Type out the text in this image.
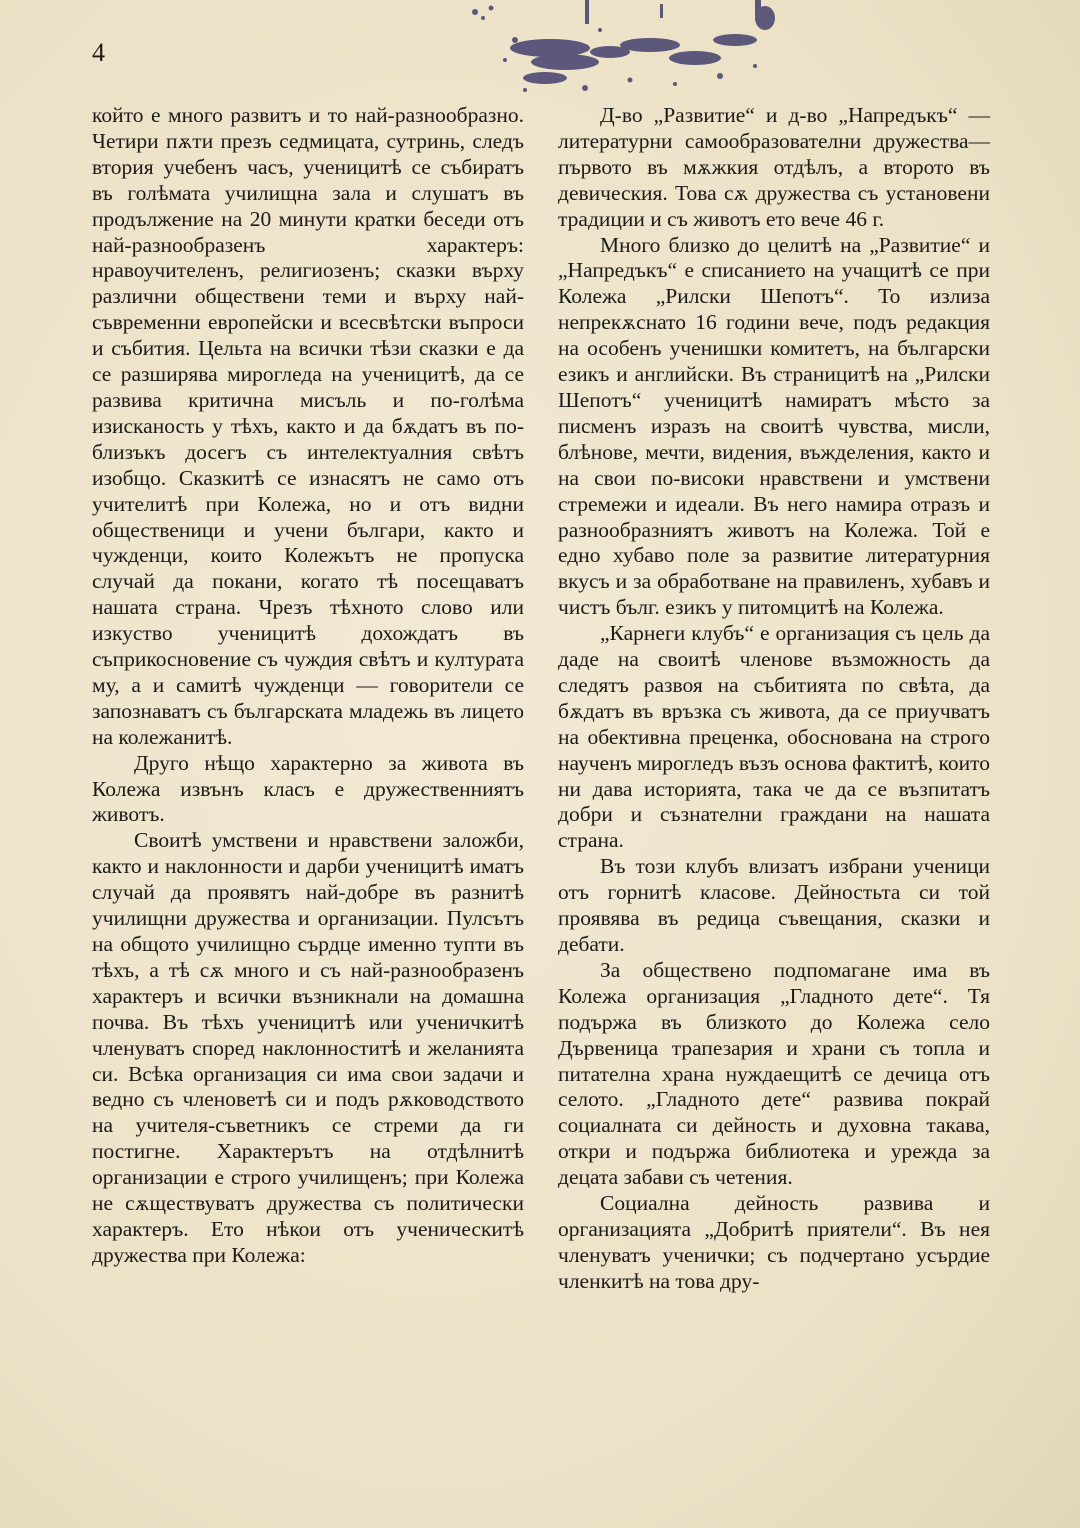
4

който е много развитъ и то най-разнообразно. Четири пѫти презъ седмицата, сутринь, следъ втория учебенъ часъ, ученицитѣ се събиратъ въ голѣмата училищна зала и слушатъ въ продължение на 20 минути кратки беседи отъ най-разнообразенъ характеръ: нравоучителенъ, религиозенъ; сказки върху различни обществени теми и върху най-съвременни европейски и всесвѣтски въпроси и събития. Цельта на всички тѣзи сказки е да се разширява мирогледа на ученицитѣ, да се развива критична мисъль и по-голѣма изисканость у тѣхъ, както и да бѫдатъ въ по-близъкъ досегъ съ интелектуалния свѣтъ изобщо. Сказкитѣ се изнасятъ не само отъ учителитѣ при Колежа, но и отъ видни общественици и учени българи, както и чужденци, които Колежътъ не пропуска случай да покани, когато тѣ посещаватъ нашата страна. Чрезъ тѣхното слово или изкуство ученицитѣ дохождатъ въ съприкосновение съ чуждия свѣтъ и културата му, а и самитѣ чужденци — говорители се запознаватъ съ българската младежь въ лицето на колежанитѣ.

Друго нѣщо характерно за живота въ Колежа извънъ класъ е дружественниятъ животъ.

Своитѣ умствени и нравствени заложби, както и наклонности и дарби ученицитѣ иматъ случай да проявятъ най-добре въ разнитѣ училищни дружества и организации. Пулсътъ на общото училищно сърдце именно тупти въ тѣхъ, а тѣ сѫ много и съ най-разнообразенъ характеръ и всички възникнали на домашна почва. Въ тѣхъ ученицитѣ или ученичкитѣ членуватъ според наклонноститѣ и желанията си. Всѣка организация си има свои задачи и ведно съ членоветѣ си и подъ рѫководството на учителя-съветникъ се стреми да ги постигне. Характерътъ на отдѣлнитѣ организации е строго училищенъ; при Колежа не сѫществуватъ дружества съ политически характеръ. Ето нѣкои отъ ученическитѣ дружества при Колежа:

Д-во „Развитие“ и д-во „Напредъкъ“ — литературни самообразователни дружества—първото въ мѫжкия отдѣлъ, а второто въ девическия. Това сѫ дружества съ установени традиции и съ животъ ето вече 46 г.

Много близко до целитѣ на „Развитие“ и „Напредъкъ“ е списанието на учащитѣ се при Колежа „Рилски Шепотъ“. То излиза непрекѫснато 16 години вече, подъ редакция на особенъ ученишки комитетъ, на български езикъ и английски. Въ страницитѣ на „Рилски Шепотъ“ ученицитѣ намиратъ мѣсто за писменъ изразъ на своитѣ чувства, мисли, блѣнове, мечти, видения, въжделения, както и на свои по-високи нравствени и умствени стремежи и идеали. Въ него намира отразъ и разнообразниятъ животъ на Колежа. Той е едно хубаво поле за развитие литературния вкусъ и за обработване на правиленъ, хубавъ и чистъ бълг. езикъ у питомцитѣ на Колежа.

„Карнеги клубъ“ е организация съ цель да даде на своитѣ членове възможность да следятъ развоя на събитията по свѣта, да бѫдатъ въ връзка съ живота, да се приучватъ на обективна преценка, обоснована на строго наученъ мирогледъ възъ основа фактитѣ, които ни дава историята, така че да се възпитатъ добри и съзнателни граждани на нашата страна.

Въ този клубъ влизатъ избрани ученици отъ горнитѣ класове. Дейностьта си той проявява въ редица съвещания, сказки и дебати.

За обществено подпомагане има въ Колежа организация „Гладното дете“. Тя подържа въ близкото до Колежа село Дървеница трапезария и храни съ топла и питателна храна нуждаещитѣ се дечица отъ селото. „Гладното дете“ развива покрай социалната си дейность и духовна такава, откри и подържа библиотека и урежда за децата забави съ четения.

Социална дейность развива и организацията „Добритѣ приятели“. Въ нея членуватъ ученички; съ подчертано усърдие членкитѣ на това дру-
